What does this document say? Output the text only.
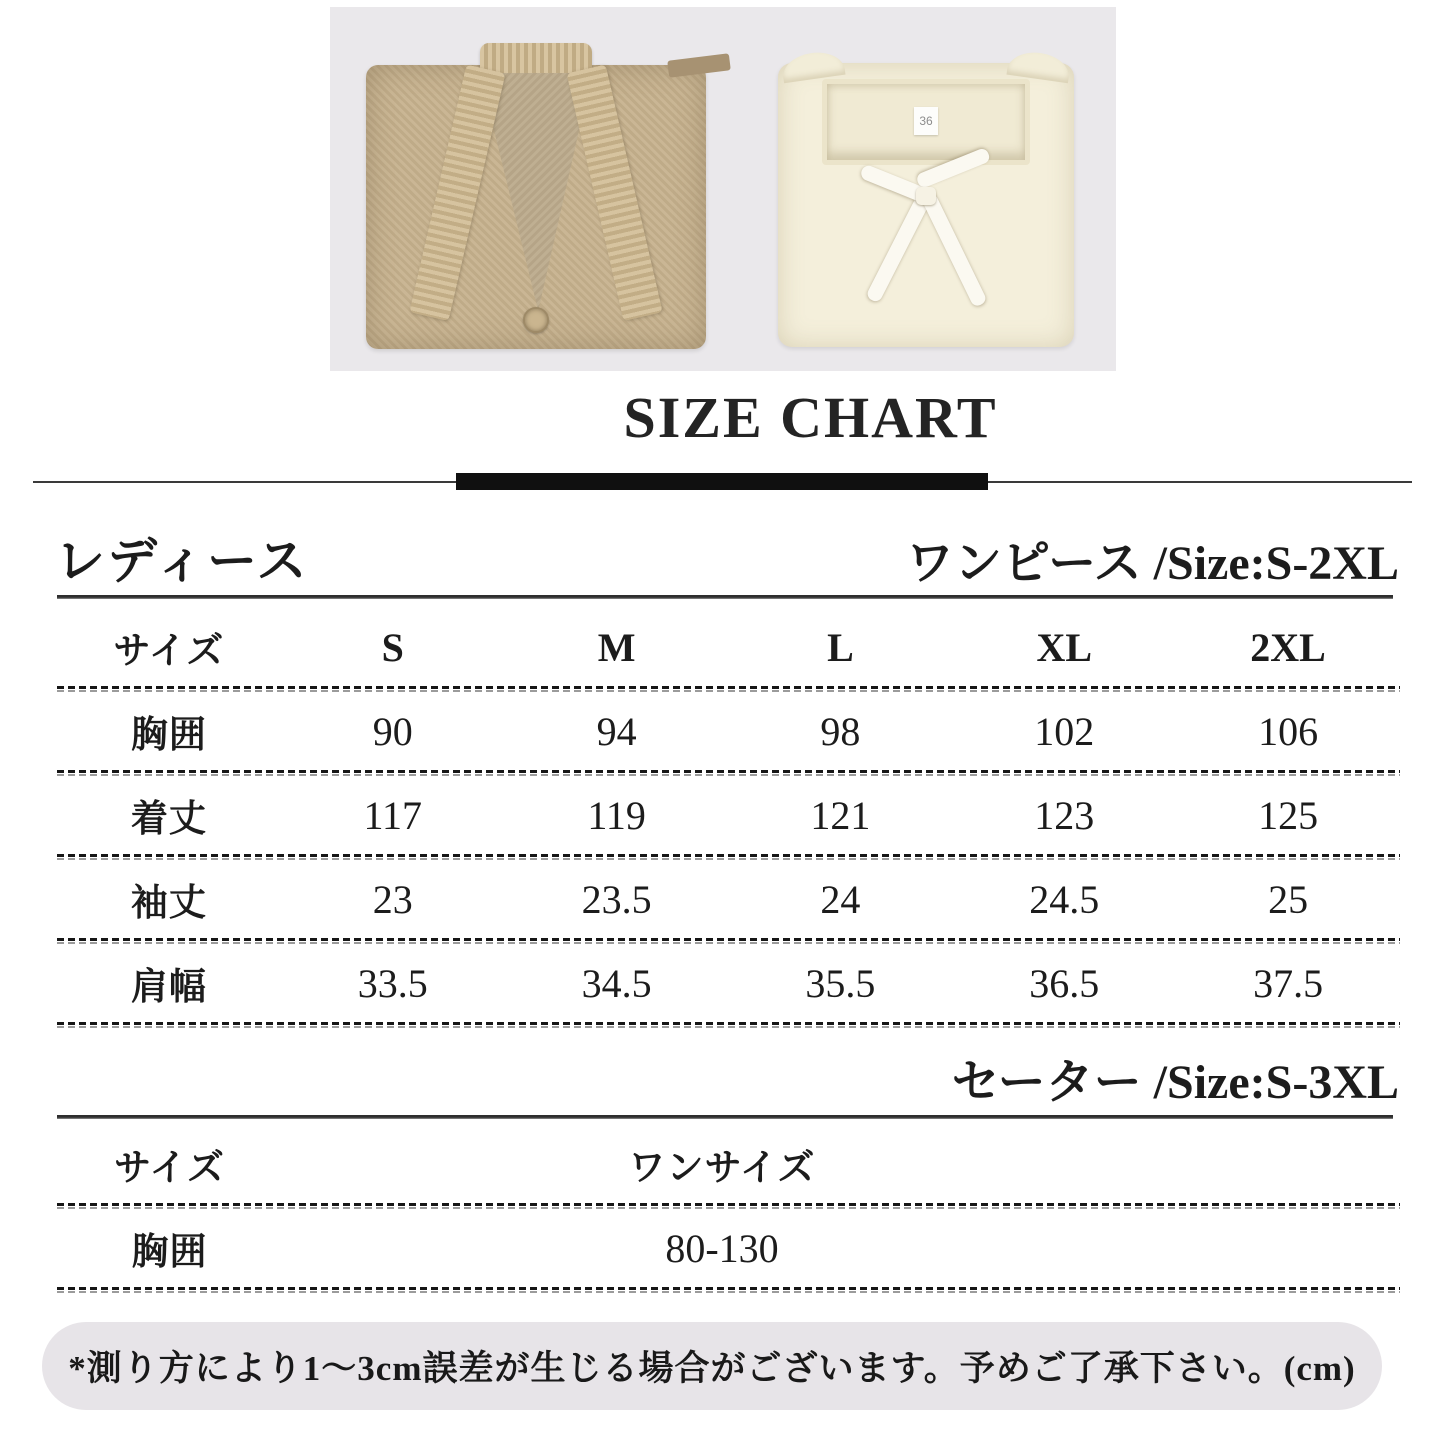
36
SIZE CHART
レディース	ワンピース /Size:S-2XL
サイズ	S	M	L	XL	2XL
胸囲	90	94	98	102	106
着丈	117	119	121	123	125
袖丈	23	23.5	24	24.5	25
肩幅	33.5	34.5	35.5	36.5	37.5
セーター /Size:S-3XL
サイズ	ワンサイズ
胸囲	80-130
*測り方により1～3cm誤差が生じる場合がございます。予めご了承下さい。(cm)
